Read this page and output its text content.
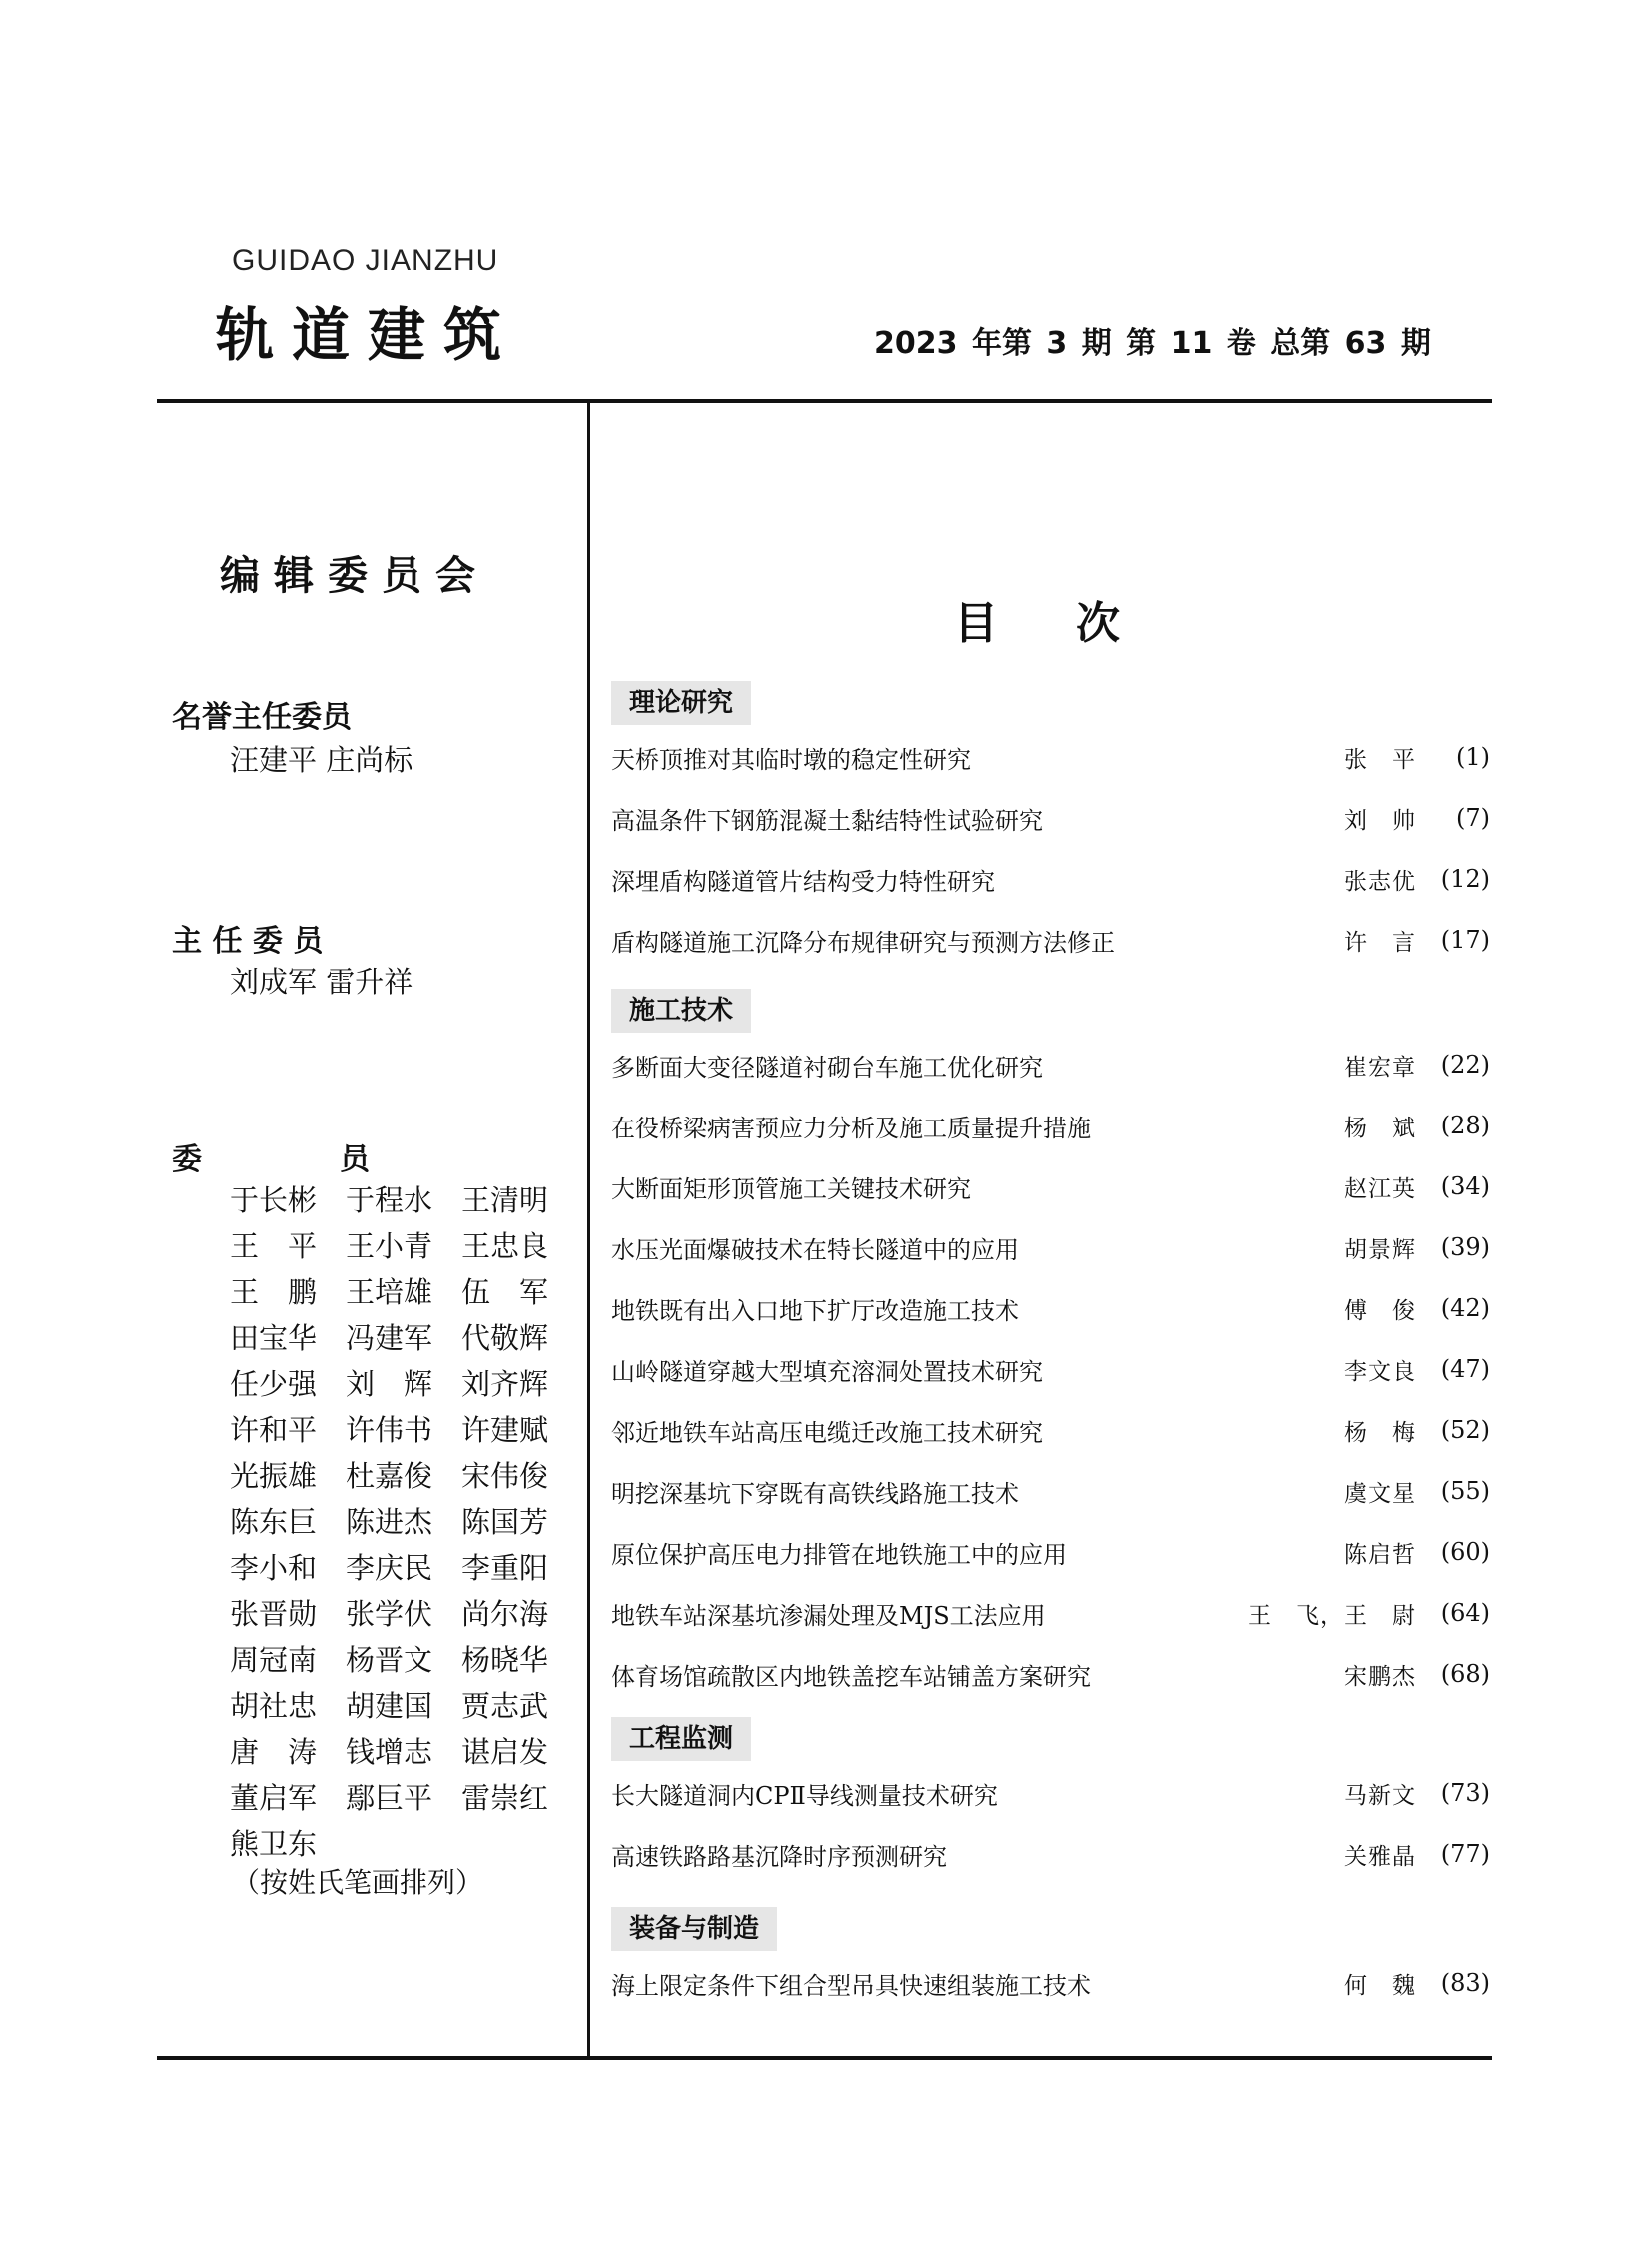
GUIDAO JIANZHU
轨道建筑	2023 年第 3 期 第 11 卷 总第 63 期
编辑委员会
名誉主任委员
汪建平 庄尚标
主 任 委 员
刘成军 雷升祥
委	员
于长彬 于程水 王清明
王　平 王小青 王忠良
王　鹏 王培雄 伍　军
田宝华 冯建军 代敬辉
任少强 刘　辉 刘齐辉
许和平 许伟书 许建赋
光振雄 杜嘉俊 宋伟俊
陈东巨 陈进杰 陈国芳
李小和 李庆民 李重阳
张晋勋 张学伏 尚尔海
周冠南 杨晋文 杨晓华
胡社忠 胡建国 贾志武
唐　涛 钱增志 谌启发
董启军 鄢巨平 雷崇红
熊卫东
（按姓氏笔画排列）
目次
理论研究
天桥顶推对其临时墩的稳定性研究	张　平	(1)
高温条件下钢筋混凝土黏结特性试验研究	刘　帅	(7)
深埋盾构隧道管片结构受力特性研究	张志优	(12)
盾构隧道施工沉降分布规律研究与预测方法修正	许　言	(17)
施工技术
多断面大变径隧道衬砌台车施工优化研究	崔宏章	(22)
在役桥梁病害预应力分析及施工质量提升措施	杨　斌	(28)
大断面矩形顶管施工关键技术研究	赵江英	(34)
水压光面爆破技术在特长隧道中的应用	胡景辉	(39)
地铁既有出入口地下扩厅改造施工技术	傅　俊	(42)
山岭隧道穿越大型填充溶洞处置技术研究	李文良	(47)
邻近地铁车站高压电缆迁改施工技术研究	杨　梅	(52)
明挖深基坑下穿既有高铁线路施工技术	虞文星	(55)
原位保护高压电力排管在地铁施工中的应用	陈启哲	(60)
地铁车站深基坑渗漏处理及MJS工法应用	王　飞，王　尉	(64)
体育场馆疏散区内地铁盖挖车站铺盖方案研究	宋鹏杰	(68)
工程监测
长大隧道洞内CPⅡ导线测量技术研究	马新文	(73)
高速铁路路基沉降时序预测研究	关雅晶	(77)
装备与制造
海上限定条件下组合型吊具快速组装施工技术	何　魏	(83)
